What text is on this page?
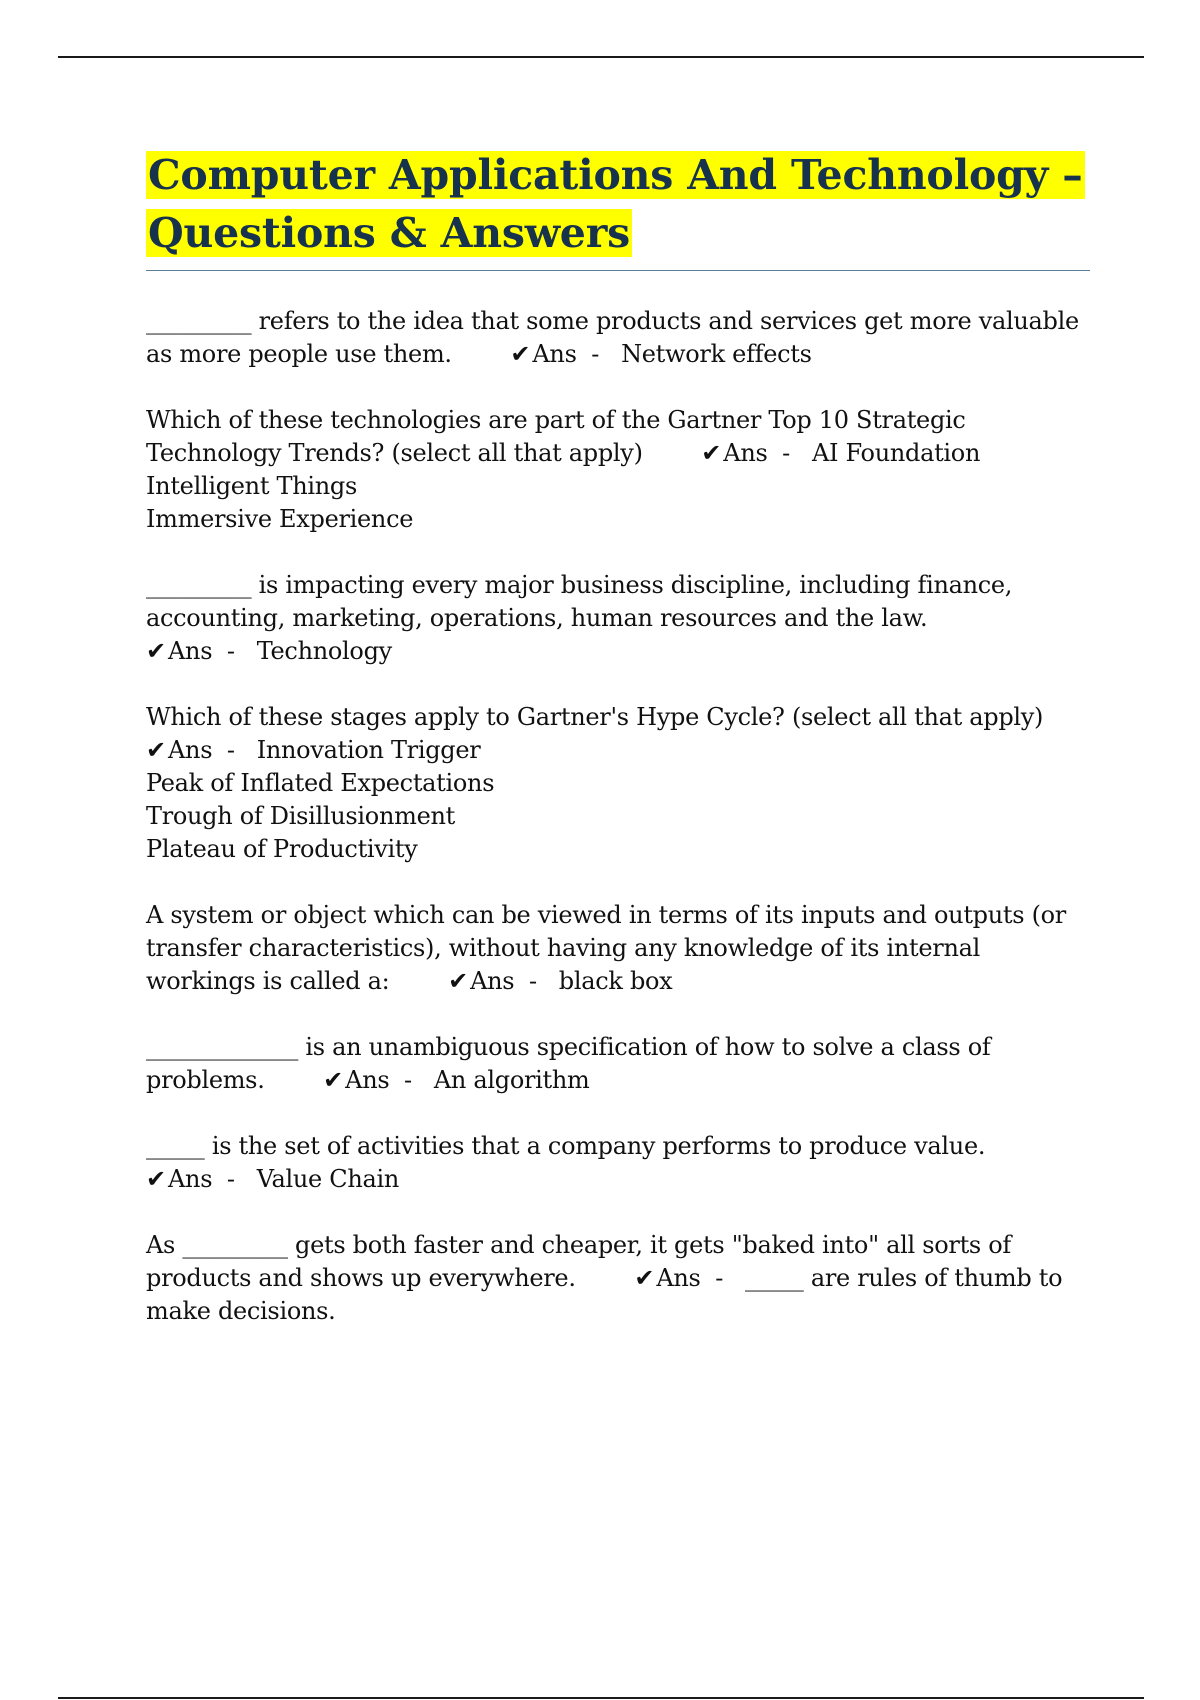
Computer Applications And Technology –
Questions & Answers
_________ refers to the idea that some products and services get more valuable as more people use them. ✔Ans  -   Network effects
Which of these technologies are part of the Gartner Top 10 Strategic Technology Trends? (select all that apply) ✔Ans  -   AI Foundation
Intelligent Things
Immersive Experience
_________ is impacting every major business discipline, including finance, accounting, marketing, operations, human resources and the law.        ✔Ans  -   Technology
Which of these stages apply to Gartner's Hype Cycle? (select all that apply)        ✔Ans  -   Innovation Trigger
Peak of Inflated Expectations
Trough of Disillusionment
Plateau of Productivity
A system or object which can be viewed in terms of its inputs and outputs (or transfer characteristics), without having any knowledge of its internal workings is called a: ✔Ans  -   black box
_____________ is an unambiguous specification of how to solve a class of problems. ✔Ans  -   An algorithm
_____ is the set of activities that a company performs to produce value.        ✔Ans  -   Value Chain
As _________ gets both faster and cheaper, it gets "baked into" all sorts of products and shows up everywhere. ✔Ans  -   _____ are rules of thumb to make decisions.
